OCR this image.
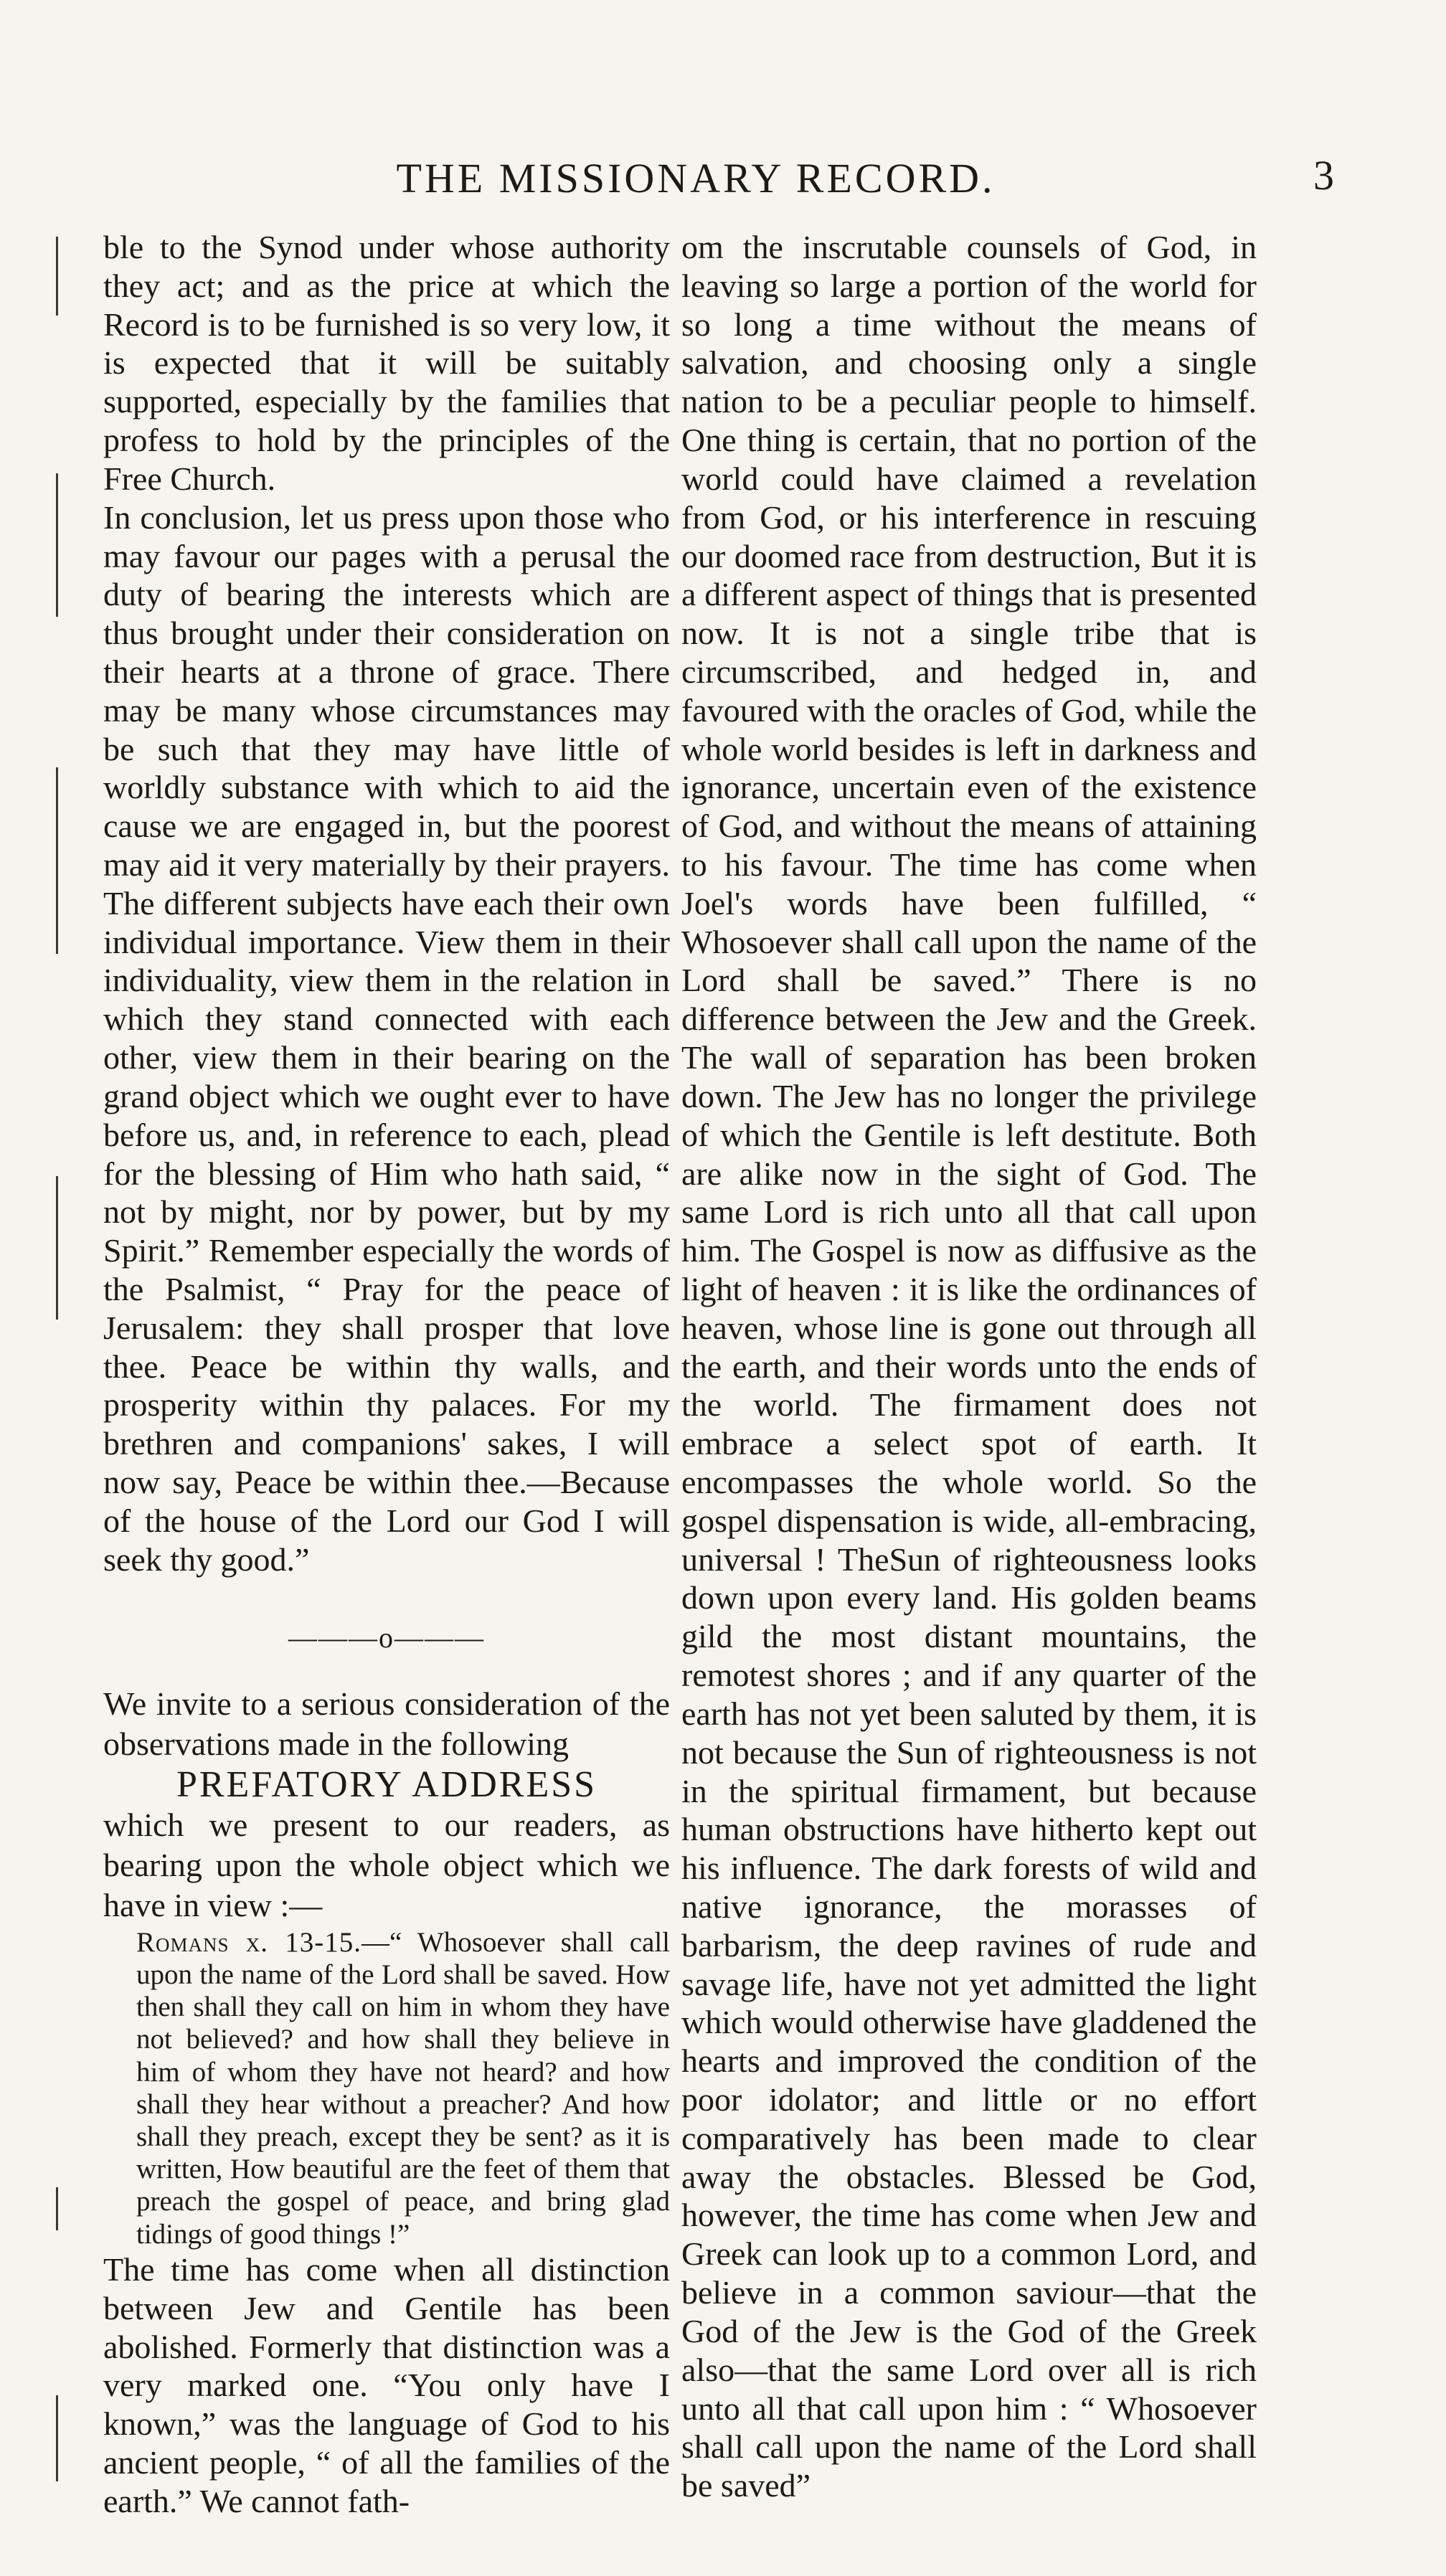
THE MISSIONARY RECORD.	3

ble to the Synod under whose authority they act; and as the price at which the Record is to be furnished is so very low, it is expected that it will be suitably supported, especially by the families that profess to hold by the principles of the Free Church.

In conclusion, let us press upon those who may favour our pages with a perusal the duty of bearing the interests which are thus brought under their consideration on their hearts at a throne of grace. There may be many whose circumstances may be such that they may have little of worldly substance with which to aid the cause we are engaged in, but the poorest may aid it very materially by their prayers. The different subjects have each their own individual importance. View them in their individuality, view them in the relation in which they stand connected with each other, view them in their bearing on the grand object which we ought ever to have before us, and, in reference to each, plead for the blessing of Him who hath said, “ not by might, nor by power, but by my Spirit.” Remember especially the words of the Psalmist, “ Pray for the peace of Jerusalem: they shall prosper that love thee. Peace be within thy walls, and prosperity within thy palaces. For my brethren and companions' sakes, I will now say, Peace be within thee.—Because of the house of the Lord our God I will seek thy good.”

———o———

We invite to a serious consideration of the observations made in the following

PREFATORY ADDRESS

which we present to our readers, as bearing upon the whole object which we have in view :—

Romans x. 13-15.—“ Whosoever shall call upon the name of the Lord shall be saved. How then shall they call on him in whom they have not believed? and how shall they believe in him of whom they have not heard? and how shall they hear without a preacher? And how shall they preach, except they be sent? as it is written, How beautiful are the feet of them that preach the gospel of peace, and bring glad tidings of good things !”

The time has come when all distinction between Jew and Gentile has been abolished. Formerly that distinction was a very marked one. “You only have I known,” was the language of God to his ancient people, “ of all the families of the earth.” We cannot fath-

om the inscrutable counsels of God, in leaving so large a portion of the world for so long a time without the means of salvation, and choosing only a single nation to be a peculiar people to himself. One thing is certain, that no portion of the world could have claimed a revelation from God, or his interference in rescuing our doomed race from destruction, But it is a different aspect of things that is presented now. It is not a single tribe that is circumscribed, and hedged in, and favoured with the oracles of God, while the whole world besides is left in darkness and ignorance, uncertain even of the existence of God, and without the means of attaining to his favour. The time has come when Joel's words have been fulfilled, “ Whosoever shall call upon the name of the Lord shall be saved.” There is no difference between the Jew and the Greek. The wall of separation has been broken down. The Jew has no longer the privilege of which the Gentile is left destitute. Both are alike now in the sight of God. The same Lord is rich unto all that call upon him. The Gospel is now as diffusive as the light of heaven : it is like the ordinances of heaven, whose line is gone out through all the earth, and their words unto the ends of the world. The firmament does not embrace a select spot of earth. It encompasses the whole world. So the gospel dispensation is wide, all-embracing, universal ! TheSun of righteousness looks down upon every land. His golden beams gild the most distant mountains, the remotest shores ; and if any quarter of the earth has not yet been saluted by them, it is not because the Sun of righteousness is not in the spiritual firmament, but because human obstructions have hitherto kept out his influence. The dark forests of wild and native ignorance, the morasses of barbarism, the deep ravines of rude and savage life, have not yet admitted the light which would otherwise have gladdened the hearts and improved the condition of the poor idolator; and little or no effort comparatively has been made to clear away the obstacles. Blessed be God, however, the time has come when Jew and Greek can look up to a common Lord, and believe in a common saviour—that the God of the Jew is the God of the Greek also—that the same Lord over all is rich unto all that call upon him : “ Whosoever shall call upon the name of the Lord shall be saved”
